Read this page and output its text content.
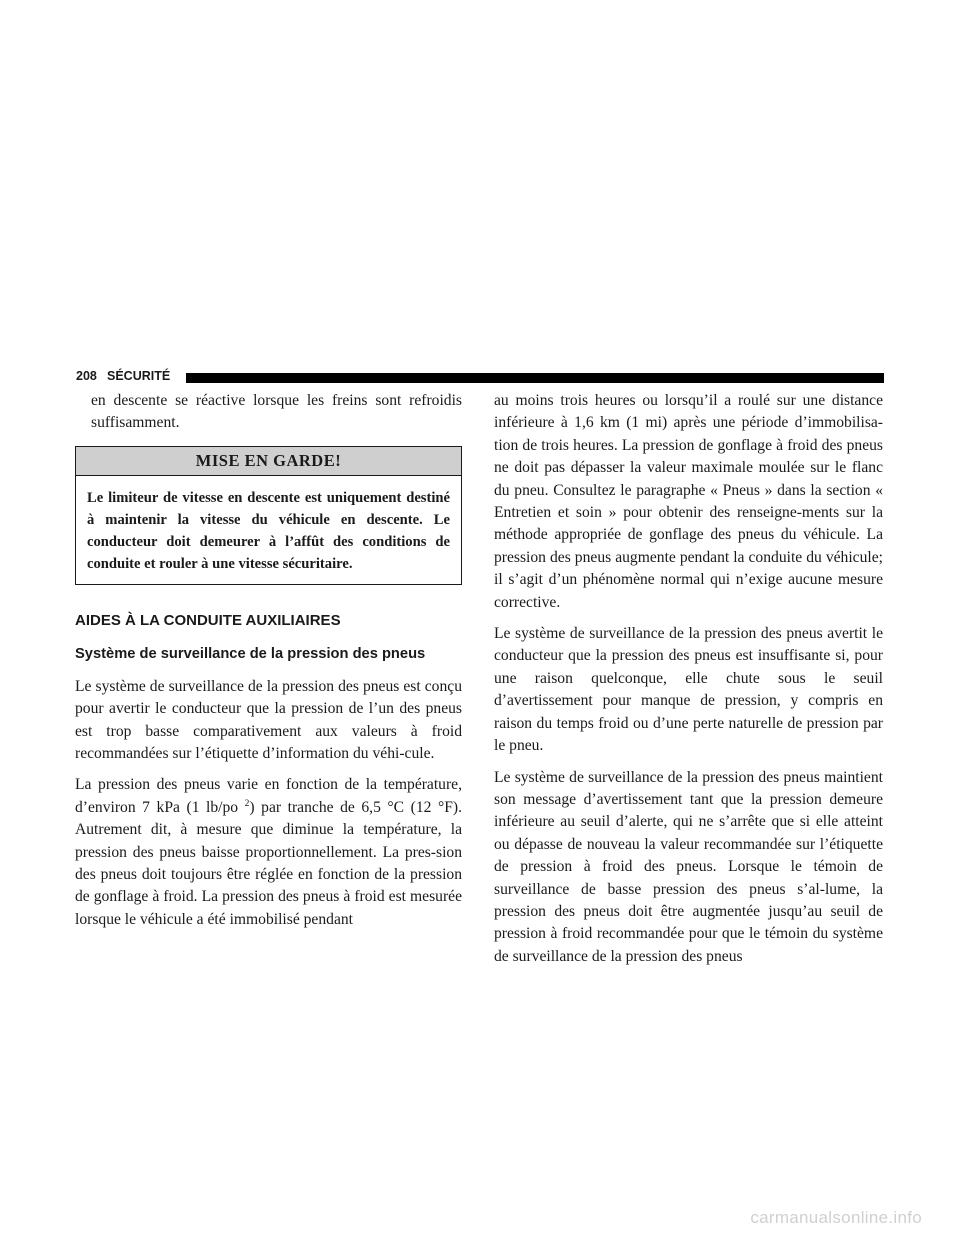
208 SÉCURITÉ

en descente se réactive lorsque les freins sont refroidis suffisamment.

MISE EN GARDE!
Le limiteur de vitesse en descente est uniquement destiné à maintenir la vitesse du véhicule en descente. Le conducteur doit demeurer à l’affût des conditions de conduite et rouler à une vitesse sécuritaire.
AIDES À LA CONDUITE AUXILIAIRES
Système de surveillance de la pression des pneus

Le système de surveillance de la pression des pneus est conçu pour avertir le conducteur que la pression de l’un des pneus est trop basse comparativement aux valeurs à froid recommandées sur l’étiquette d’information du véhi-cule.

La pression des pneus varie en fonction de la température, d’environ 7 kPa (1 lb/po $^2$) par tranche de 6,5 °C (12 °F). Autrement dit, à mesure que diminue la température, la pression des pneus baisse proportionnellement. La pres-sion des pneus doit toujours être réglée en fonction de la pression de gonflage à froid. La pression des pneus à froid est mesurée lorsque le véhicule a été immobilisé pendant

au moins trois heures ou lorsqu’il a roulé sur une distance inférieure à 1,6 km (1 mi) après une période d’immobilisa-tion de trois heures. La pression de gonflage à froid des pneus ne doit pas dépasser la valeur maximale moulée sur le flanc du pneu. Consultez le paragraphe « Pneus » dans la section « Entretien et soin » pour obtenir des renseigne-ments sur la méthode appropriée de gonflage des pneus du véhicule. La pression des pneus augmente pendant la conduite du véhicule; il s’agit d’un phénomène normal qui n’exige aucune mesure corrective.

Le système de surveillance de la pression des pneus avertit le conducteur que la pression des pneus est insuffisante si, pour une raison quelconque, elle chute sous le seuil d’avertissement pour manque de pression, y compris en raison du temps froid ou d’une perte naturelle de pression par le pneu.

Le système de surveillance de la pression des pneus maintient son message d’avertissement tant que la pression demeure inférieure au seuil d’alerte, qui ne s’arrête que si elle atteint ou dépasse de nouveau la valeur recommandée sur l’étiquette de pression à froid des pneus. Lorsque le témoin de surveillance de basse pression des pneus s’al-lume, la pression des pneus doit être augmentée jusqu’au seuil de pression à froid recommandée pour que le témoin du système de surveillance de la pression des pneus

carmanualsonline.info
